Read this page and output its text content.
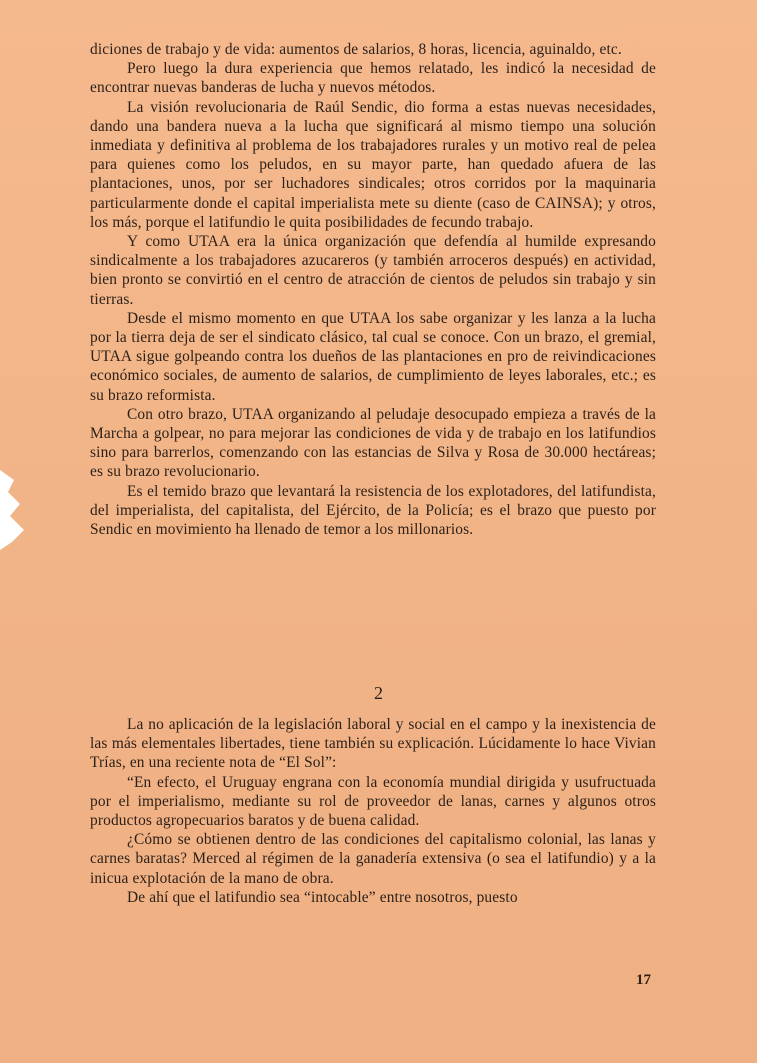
diciones de trabajo y de vida: aumentos de salarios, 8 horas, licencia, aguinaldo, etc.

Pero luego la dura experiencia que hemos relatado, les indicó la necesidad de encontrar nuevas banderas de lucha y nuevos métodos.

La visión revolucionaria de Raúl Sendic, dio forma a estas nuevas necesidades, dando una bandera nueva a la lucha que significará al mismo tiempo una solución inmediata y definitiva al problema de los trabajadores rurales y un motivo real de pelea para quienes como los peludos, en su mayor parte, han quedado afuera de las plantaciones, unos, por ser luchadores sindicales; otros corridos por la maquinaria particularmente donde el capital imperialista mete su diente (caso de CAINSA); y otros, los más, porque el latifundio le quita posibilidades de fecundo trabajo.

Y como UTAA era la única organización que defendía al humilde expresando sindicalmente a los trabajadores azucareros (y también arroceros después) en actividad, bien pronto se convirtió en el centro de atracción de cientos de peludos sin trabajo y sin tierras.

Desde el mismo momento en que UTAA los sabe organizar y les lanza a la lucha por la tierra deja de ser el sindicato clásico, tal cual se conoce. Con un brazo, el gremial, UTAA sigue golpeando contra los dueños de las plantaciones en pro de reivindicaciones económico sociales, de aumento de salarios, de cumplimiento de leyes laborales, etc.; es su brazo reformista.

Con otro brazo, UTAA organizando al peludaje desocupado empieza a través de la Marcha a golpear, no para mejorar las condiciones de vida y de trabajo en los latifundios sino para barrerlos, comenzando con las estancias de Silva y Rosa de 30.000 hectáreas; es su brazo revolucionario.

Es el temido brazo que levantará la resistencia de los explotadores, del latifundista, del imperialista, del capitalista, del Ejército, de la Policía; es el brazo que puesto por Sendic en movimiento ha llenado de temor a los millonarios.

2

La no aplicación de la legislación laboral y social en el campo y la inexistencia de las más elementales libertades, tiene también su explicación. Lúcidamente lo hace Vivian Trías, en una reciente nota de “El Sol”:

“En efecto, el Uruguay engrana con la economía mundial dirigida y usufructuada por el imperialismo, mediante su rol de proveedor de lanas, carnes y algunos otros productos agropecuarios baratos y de buena calidad.

¿Cómo se obtienen dentro de las condiciones del capitalismo colonial, las lanas y carnes baratas? Merced al régimen de la ganadería extensiva (o sea el latifundio) y a la inicua explotación de la mano de obra.

De ahí que el latifundio sea “intocable” entre nosotros, puesto

17
